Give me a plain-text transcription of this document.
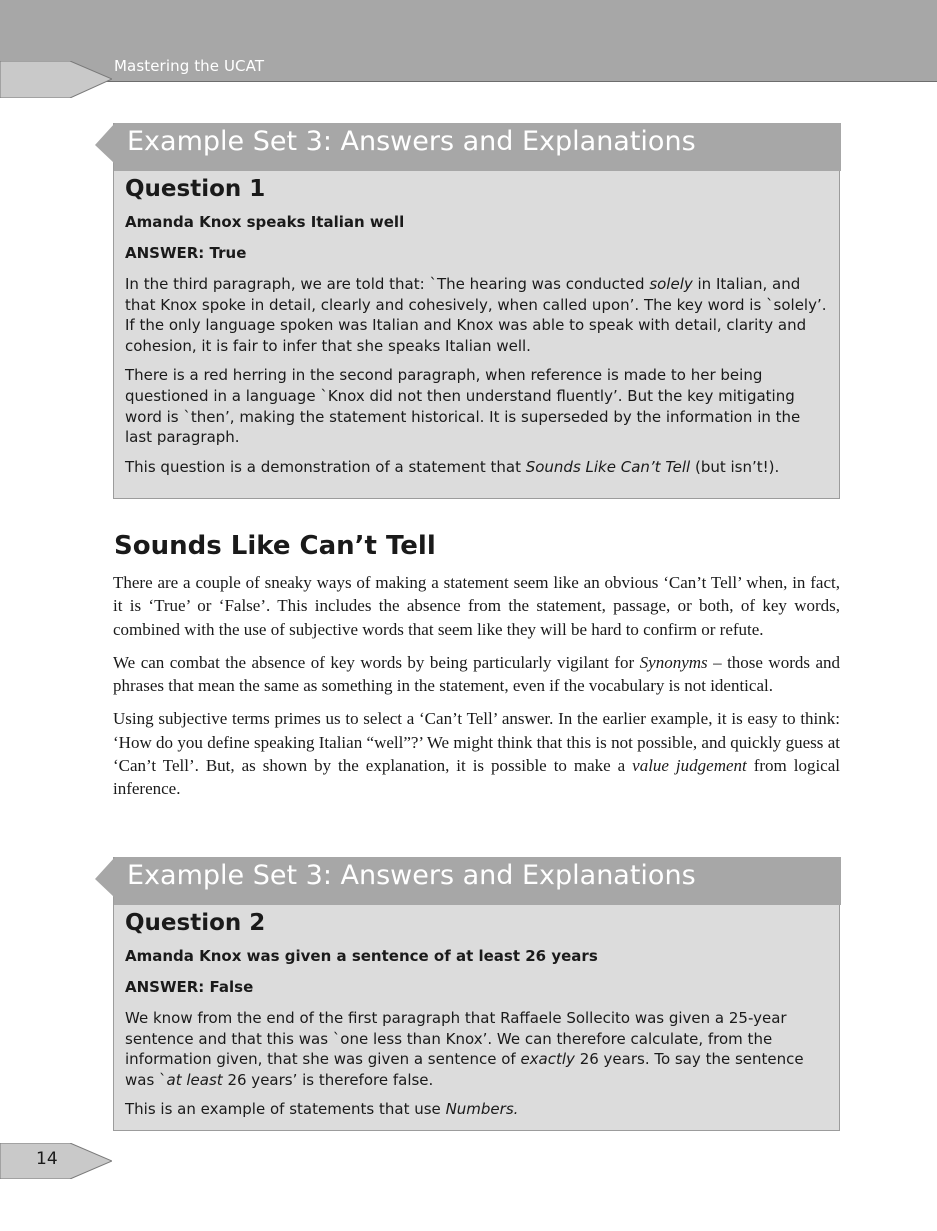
Mastering the UCAT
Example Set 3: Answers and Explanations
Question 1

Amanda Knox speaks Italian well

ANSWER: True

In the third paragraph, we are told that: `The hearing was conducted solely in Italian, and that Knox spoke in detail, clearly and cohesively, when called upon’. The key word is `solely’. If the only language spoken was Italian and Knox was able to speak with detail, clarity and cohesion, it is fair to infer that she speaks Italian well.

There is a red herring in the second paragraph, when reference is made to her being questioned in a language `Knox did not then understand fluently’. But the key mitigating word is `then’, making the statement historical. It is superseded by the information in the last paragraph.

This question is a demonstration of a statement that Sounds Like Can’t Tell (but isn’t!).

Sounds Like Can’t Tell

There are a couple of sneaky ways of making a statement seem like an obvious ‘Can’t Tell’ when, in fact, it is ‘True’ or ‘False’. This includes the absence from the statement, passage, or both, of key words, combined with the use of subjective words that seem like they will be hard to confirm or refute.

We can combat the absence of key words by being particularly vigilant for Synonyms – those words and phrases that mean the same as something in the statement, even if the vocabulary is not identical.

Using subjective terms primes us to select a ‘Can’t Tell’ answer. In the earlier example, it is easy to think: ‘How do you define speaking Italian “well”?’ We might think that this is not possible, and quickly guess at ‘Can’t Tell’. But, as shown by the explanation, it is possible to make a value judgement from logical inference.

Example Set 3: Answers and Explanations
Question 2

Amanda Knox was given a sentence of at least 26 years

ANSWER: False

We know from the end of the first paragraph that Raffaele Sollecito was given a 25-year sentence and that this was `one less than Knox’. We can therefore calculate, from the information given, that she was given a sentence of exactly 26 years. To say the sentence was `at least 26 years’ is therefore false.

This is an example of statements that use Numbers.

14
